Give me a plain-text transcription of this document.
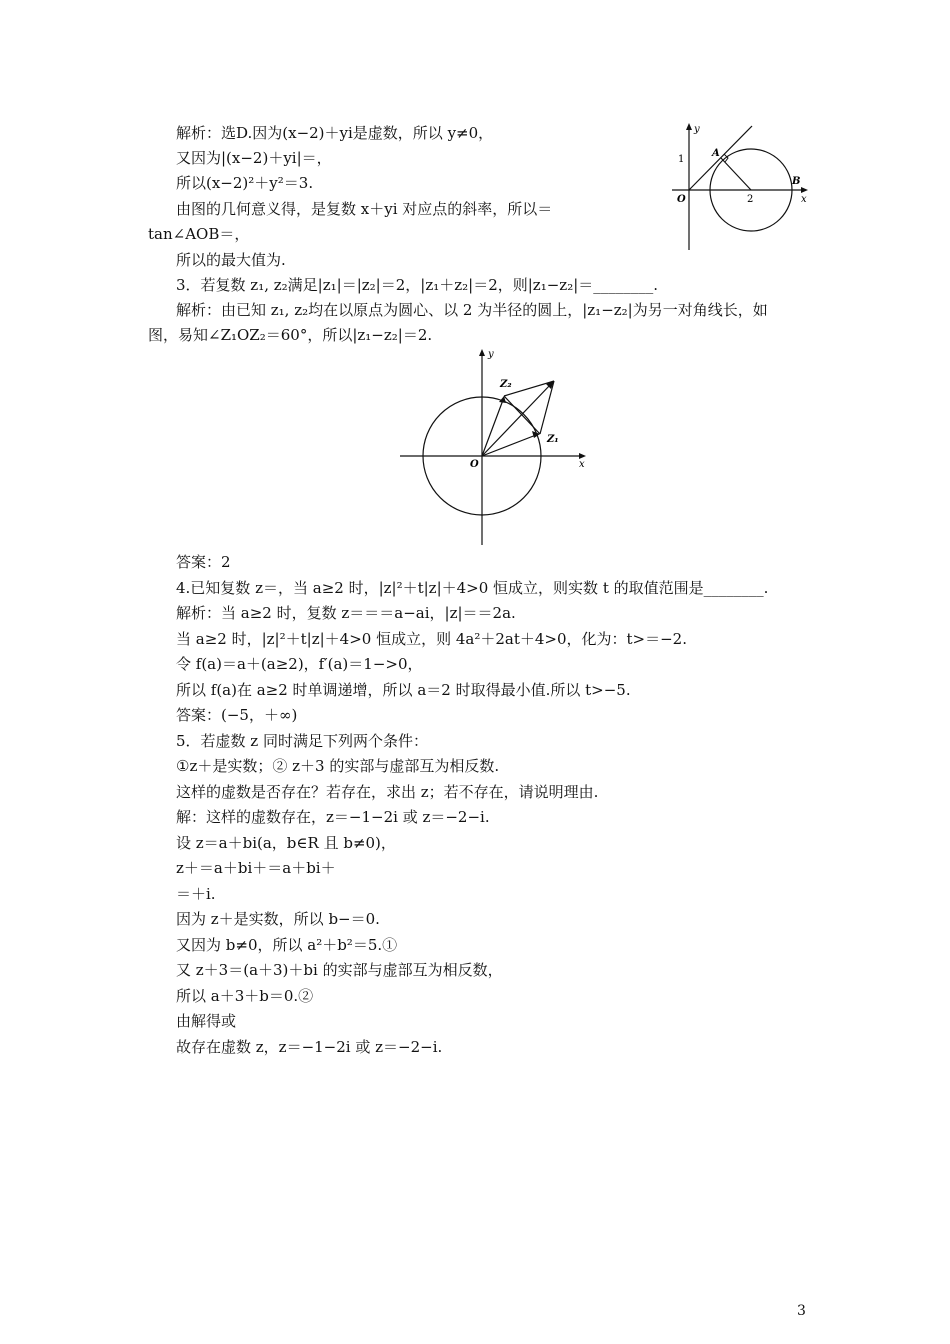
解析：选D.因为(x−2)＋yi是虚数，所以 y≠0，
又因为|(x−2)＋yi|＝，
所以(x−2)²＋y²＝3.
由图的几何意义得，是复数 x＋yi 对应点的斜率，所以＝
tan∠AOB＝，
所以的最大值为.
3．若复数 z₁, z₂满足|z₁|＝|z₂|＝2，|z₁＋z₂|＝2，则|z₁−z₂|＝________.
解析：由已知 z₁, z₂均在以原点为圆心、以 2 为半径的圆上，|z₁−z₂|为另一对角线长，如
图，易知∠Z₁OZ₂＝60°，所以|z₁−z₂|＝2.
y
x
1
A
O	2
B
y
x
O
Z₁
Z₂
答案：2
4.已知复数 z＝，当 a≥2 时，|z|²＋t|z|＋4>0 恒成立，则实数 t 的取值范围是________.
解析：当 a≥2 时，复数 z＝＝＝a−ai，|z|＝＝2a.
当 a≥2 时，|z|²＋t|z|＋4>0 恒成立，则 4a²＋2at＋4>0，化为：t>＝−2.
令 f(a)＝a＋(a≥2)，f′(a)＝1−>0，
所以 f(a)在 a≥2 时单调递增，所以 a＝2 时取得最小值.所以 t>−5.
答案：(−5，＋∞)
5．若虚数 z 同时满足下列两个条件：
①z＋是实数；② z＋3 的实部与虚部互为相反数.
这样的虚数是否存在？若存在，求出 z；若不存在，请说明理由.
解：这样的虚数存在，z＝−1−2i 或 z＝−2−i.
设 z＝a＋bi(a，b∈R 且 b≠0)，
z＋＝a＋bi＋＝a＋bi＋
＝＋i.
因为 z＋是实数，所以 b−＝0.
又因为 b≠0，所以 a²＋b²＝5.①
又 z＋3＝(a＋3)＋bi 的实部与虚部互为相反数，
所以 a＋3＋b＝0.②
由解得或
故存在虚数 z，z＝−1−2i 或 z＝−2−i.
3
